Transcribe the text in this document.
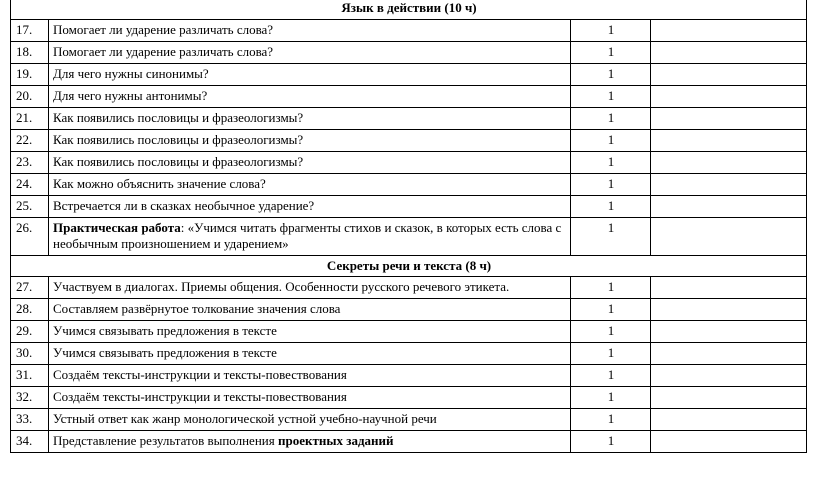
Язык в действии (10 ч)			
17.	Помогает ли ударение различать слова?	1	
18.	Помогает ли ударение различать слова?	1	
19.	Для чего нужны синонимы?	1	
20.	Для чего нужны антонимы?	1	
21.	Как появились пословицы и фразеологизмы?	1	
22.	Как появились пословицы и фразеологизмы?	1	
23.	Как появились пословицы и фразеологизмы?	1	
24.	Как можно объяснить значение слова?	1	
25.	Встречается ли в сказках необычное ударение?	1	
26.	Практическая работа: «Учимся читать фрагменты стихов и сказок, в которых есть слова с необычным произношением и ударением»	1	
Секреты речи и текста (8 ч)			
27.	Участвуем в диалогах. Приемы общения. Особенности русского речевого этикета.	1	
28.	Составляем развёрнутое толкование значения слова	1	
29.	Учимся связывать предложения в тексте	1	
30.	Учимся связывать предложения в тексте	1	
31.	Создаём тексты-инструкции и тексты-повествования	1	
32.	Создаём тексты-инструкции и тексты-повествования	1	
33.	Устный ответ как жанр монологической устной учебно-научной речи	1	
34.	Представление результатов выполнения проектных заданий	1	
